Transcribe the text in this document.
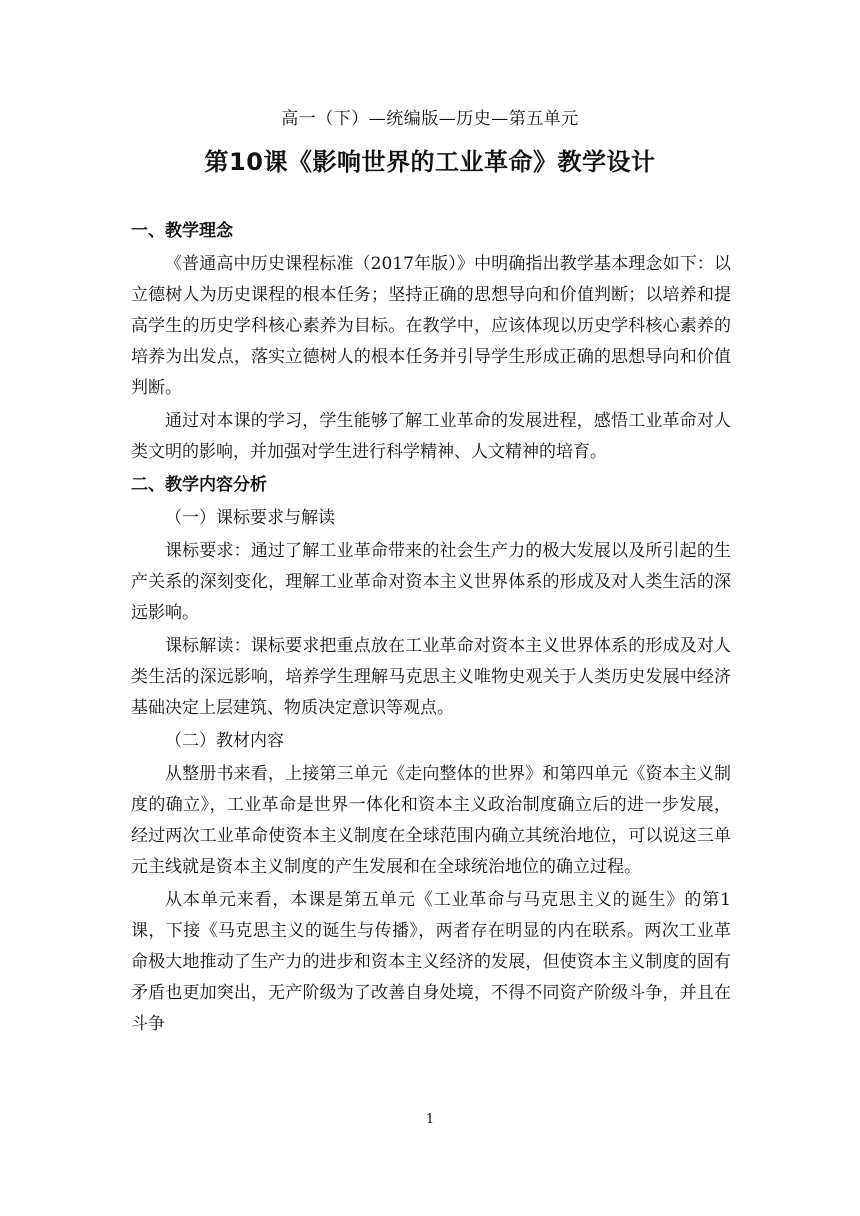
高一（下）—统编版—历史—第五单元
第10课《影响世界的工业革命》教学设计

一、教学理念

《普通高中历史课程标准（2017年版）》中明确指出教学基本理念如下：以立德树人为历史课程的根本任务；坚持正确的思想导向和价值判断；以培养和提高学生的历史学科核心素养为目标。在教学中，应该体现以历史学科核心素养的培养为出发点，落实立德树人的根本任务并引导学生形成正确的思想导向和价值判断。

通过对本课的学习，学生能够了解工业革命的发展进程，感悟工业革命对人类文明的影响，并加强对学生进行科学精神、人文精神的培育。

二、教学内容分析

（一）课标要求与解读

课标要求：通过了解工业革命带来的社会生产力的极大发展以及所引起的生产关系的深刻变化，理解工业革命对资本主义世界体系的形成及对人类生活的深远影响。

课标解读：课标要求把重点放在工业革命对资本主义世界体系的形成及对人类生活的深远影响，培养学生理解马克思主义唯物史观关于人类历史发展中经济基础决定上层建筑、物质决定意识等观点。

（二）教材内容

从整册书来看，上接第三单元《走向整体的世界》和第四单元《资本主义制度的确立》，工业革命是世界一体化和资本主义政治制度确立后的进一步发展，经过两次工业革命使资本主义制度在全球范围内确立其统治地位，可以说这三单元主线就是资本主义制度的产生发展和在全球统治地位的确立过程。

从本单元来看，本课是第五单元《工业革命与马克思主义的诞生》的第1课，下接《马克思主义的诞生与传播》，两者存在明显的内在联系。两次工业革命极大地推动了生产力的进步和资本主义经济的发展，但使资本主义制度的固有矛盾也更加突出，无产阶级为了改善自身处境，不得不同资产阶级斗争，并且在斗争

1
